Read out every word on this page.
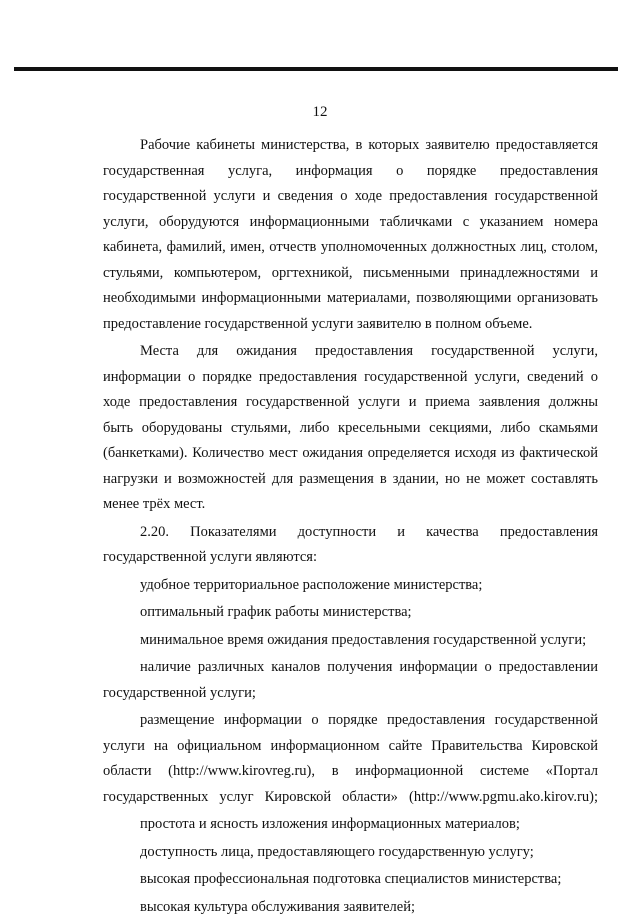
12
Рабочие кабинеты министерства, в которых заявителю предоставляется
государственная услуга, информация о порядке предоставления
государственной услуги и сведения о ходе предоставления государственной
услуги, оборудуются информационными табличками с указанием номера
кабинета, фамилий, имен, отчеств уполномоченных должностных лиц, столом,
стульями, компьютером, оргтехникой, письменными принадлежностями и
необходимыми информационными материалами, позволяющими организовать
предоставление государственной услуги заявителю в полном объеме.
Места для ожидания предоставления государственной услуги,
информации о порядке предоставления государственной услуги, сведений о
ходе предоставления государственной услуги и приема заявления должны
быть оборудованы стульями, либо кресельными секциями, либо скамьями
(банкетками). Количество мест ожидания определяется исходя из фактической
нагрузки и возможностей для размещения в здании, но не может составлять
менее трёх мест.
2.20. Показателями доступности и качества предоставления
государственной услуги являются:
удобное территориальное расположение министерства;
оптимальный график работы министерства;
минимальное время ожидания предоставления государственной услуги;
наличие различных каналов получения информации о предоставлении
государственной услуги;
размещение информации о порядке предоставления государственной
услуги на официальном информационном сайте Правительства Кировской
области (http://www.kirovreg.ru), в информационной системе «Портал
государственных услуг Кировской области» (http://www.pgmu.ako.kirov.ru);
простота и ясность изложения информационных материалов;
доступность лица, предоставляющего государственную услугу;
высокая профессиональная подготовка специалистов министерства;
высокая культура обслуживания заявителей;
